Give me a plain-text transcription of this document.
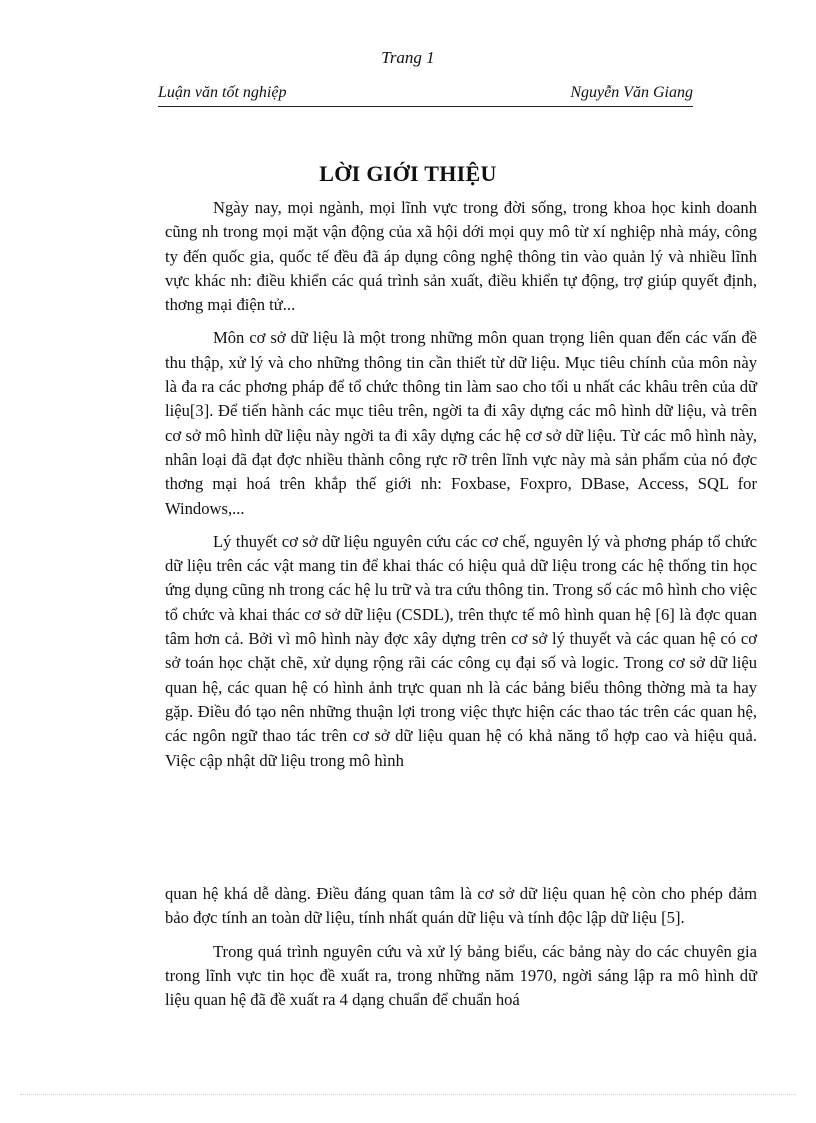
Trang 1
Luận văn tốt nghiệp	Nguyễn Văn Giang
LỜI GIỚI THIỆU

Ngày nay, mọi ngành, mọi lĩnh vực trong đời sống, trong khoa học kinh doanh cũng nh trong mọi mặt vận động của xã hội dới mọi quy mô từ xí nghiệp nhà máy, công ty đến quốc gia, quốc tế đều đã áp dụng công nghệ thông tin vào quản lý và nhiều lĩnh vực khác nh: điều khiển các quá trình sản xuất, điều khiển tự động, trợ giúp quyết định, thơng mại điện tử...

Môn cơ sở dữ liệu là một trong những môn quan trọng liên quan đến các vấn đề thu thập, xử lý và cho những thông tin cần thiết từ dữ liệu. Mục tiêu chính của môn này là đa ra các phơng pháp để tổ chức thông tin làm sao cho tối u nhất các khâu trên của dữ liệu[3]. Để tiến hành các mục tiêu trên, ngời ta đi xây dựng các mô hình dữ liệu, và trên cơ sở mô hình dữ liệu này ngời ta đi xây dựng các hệ cơ sở dữ liệu. Từ các mô hình này, nhân loại đã đạt đợc nhiều thành công rực rỡ trên lĩnh vực này mà sản phẩm của nó đợc thơng mại hoá trên khắp thế giới nh: Foxbase, Foxpro, DBase, Access, SQL for Windows,...

Lý thuyết cơ sở dữ liệu nguyên cứu các cơ chế, nguyên lý và phơng pháp tổ chức dữ liệu trên các vật mang tin để khai thác có hiệu quả dữ liệu trong các hệ thống tin học ứng dụng cũng nh trong các hệ lu trữ và tra cứu thông tin. Trong số các mô hình cho việc tổ chức và khai thác cơ sở dữ liệu (CSDL), trên thực tế mô hình quan hệ [6] là đợc quan tâm hơn cả. Bởi vì mô hình này đợc xây dựng trên cơ sở lý thuyết và các quan hệ có cơ sở toán học chặt chẽ, xử dụng rộng rãi các công cụ đại số và logic. Trong cơ sở dữ liệu quan hệ, các quan hệ có hình ảnh trực quan nh là các bảng biểu thông thờng mà ta hay gặp. Điều đó tạo nên những thuận lợi trong việc thực hiện các thao tác trên các quan hệ, các ngôn ngữ thao tác trên cơ sở dữ liệu quan hệ có khả năng tổ hợp cao và hiệu quả. Việc cập nhật dữ liệu trong mô hình

quan hệ khá dễ dàng. Điều đáng quan tâm là cơ sở dữ liệu quan hệ còn cho phép đảm bảo đợc tính an toàn dữ liệu, tính nhất quán dữ liệu và tính độc lập dữ liệu [5].

Trong quá trình nguyên cứu và xử lý bảng biểu, các bảng này do các chuyên gia trong lĩnh vực tin học đề xuất ra, trong những năm 1970, ngời sáng lập ra mô hình dữ liệu quan hệ đã đề xuất ra 4 dạng chuẩn để chuẩn hoá
